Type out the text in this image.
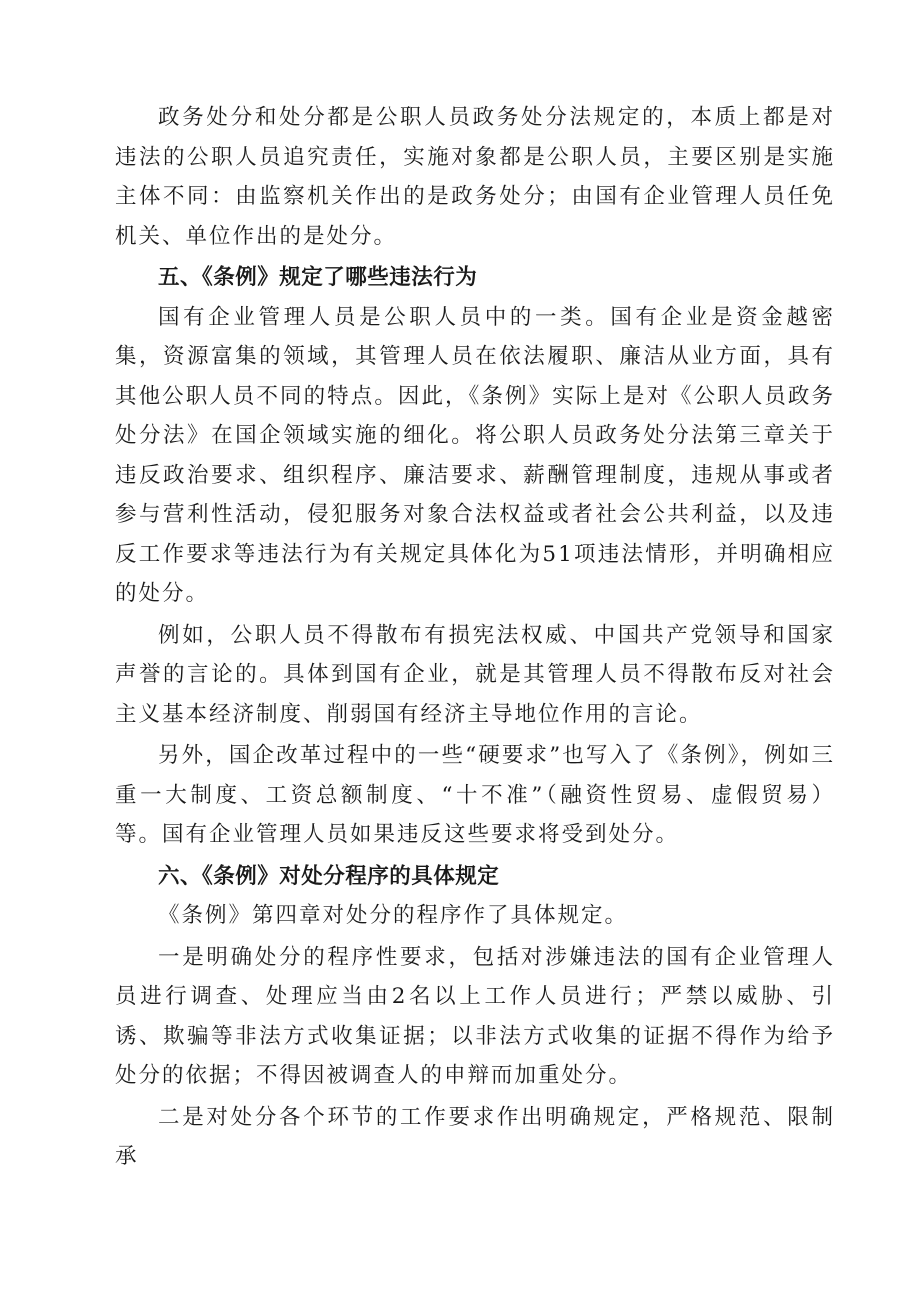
政务处分和处分都是公职人员政务处分法规定的，本质上都是对违法的公职人员追究责任，实施对象都是公职人员，主要区别是实施主体不同：由监察机关作出的是政务处分；由国有企业管理人员任免机关、单位作出的是处分。

五、《条例》规定了哪些违法行为

国有企业管理人员是公职人员中的一类。国有企业是资金越密集，资源富集的领域，其管理人员在依法履职、廉洁从业方面，具有其他公职人员不同的特点。因此，《条例》实际上是对《公职人员政务处分法》在国企领域实施的细化。将公职人员政务处分法第三章关于违反政治要求、组织程序、廉洁要求、薪酬管理制度，违规从事或者参与营利性活动，侵犯服务对象合法权益或者社会公共利益，以及违反工作要求等违法行为有关规定具体化为51项违法情形，并明确相应的处分。

例如，公职人员不得散布有损宪法权威、中国共产党领导和国家声誉的言论的。具体到国有企业，就是其管理人员不得散布反对社会主义基本经济制度、削弱国有经济主导地位作用的言论。

另外，国企改革过程中的一些“硬要求”也写入了《条例》，例如三重一大制度、工资总额制度、“十不准”（融资性贸易、虚假贸易）等。国有企业管理人员如果违反这些要求将受到处分。

六、《条例》对处分程序的具体规定

《条例》第四章对处分的程序作了具体规定。

一是明确处分的程序性要求，包括对涉嫌违法的国有企业管理人员进行调查、处理应当由2名以上工作人员进行；严禁以威胁、引诱、欺骗等非法方式收集证据；以非法方式收集的证据不得作为给予处分的依据；不得因被调查人的申辩而加重处分。

二是对处分各个环节的工作要求作出明确规定，严格规范、限制承
